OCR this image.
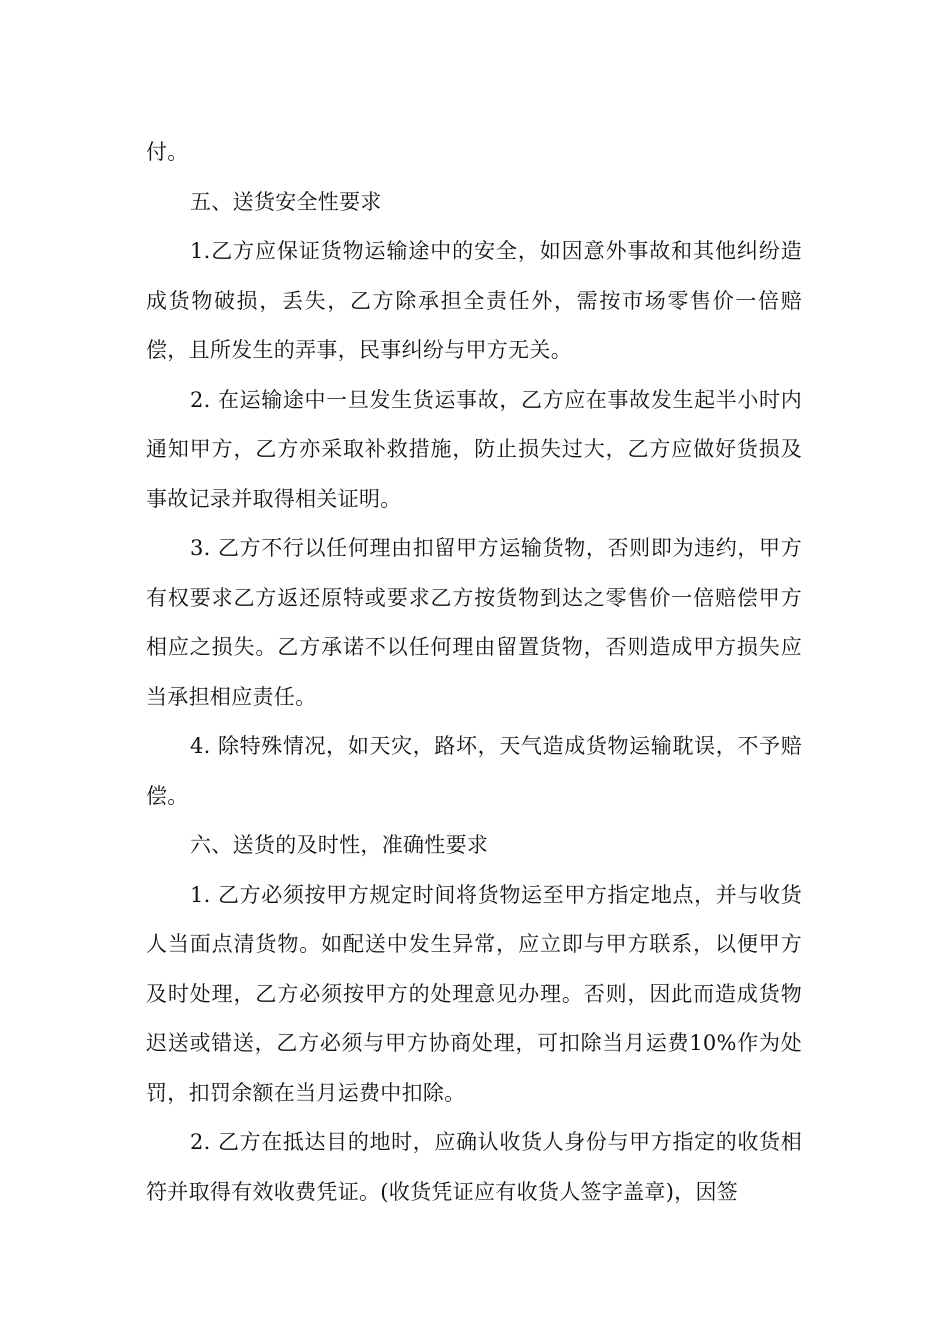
付。

五、送货安全性要求

1.乙方应保证货物运输途中的安全，如因意外事故和其他纠纷造成货物破损，丢失，乙方除承担全责任外，需按市场零售价一倍赔偿，且所发生的弄事，民事纠纷与甲方无关。

2. 在运输途中一旦发生货运事故，乙方应在事故发生起半小时内通知甲方，乙方亦采取补救措施，防止损失过大，乙方应做好货损及事故记录并取得相关证明。

3. 乙方不行以任何理由扣留甲方运输货物，否则即为违约，甲方有权要求乙方返还原特或要求乙方按货物到达之零售价一倍赔偿甲方相应之损失。乙方承诺不以任何理由留置货物，否则造成甲方损失应当承担相应责任。

4. 除特殊情况，如天灾，路坏，天气造成货物运输耽误，不予赔偿。

六、送货的及时性，准确性要求

1. 乙方必须按甲方规定时间将货物运至甲方指定地点，并与收货人当面点清货物。如配送中发生异常，应立即与甲方联系，以便甲方及时处理，乙方必须按甲方的处理意见办理。否则，因此而造成货物迟送或错送，乙方必须与甲方协商处理，可扣除当月运费10%作为处罚，扣罚余额在当月运费中扣除。

2. 乙方在抵达目的地时，应确认收货人身份与甲方指定的收货相符并取得有效收费凭证。(收货凭证应有收货人签字盖章)，因签
